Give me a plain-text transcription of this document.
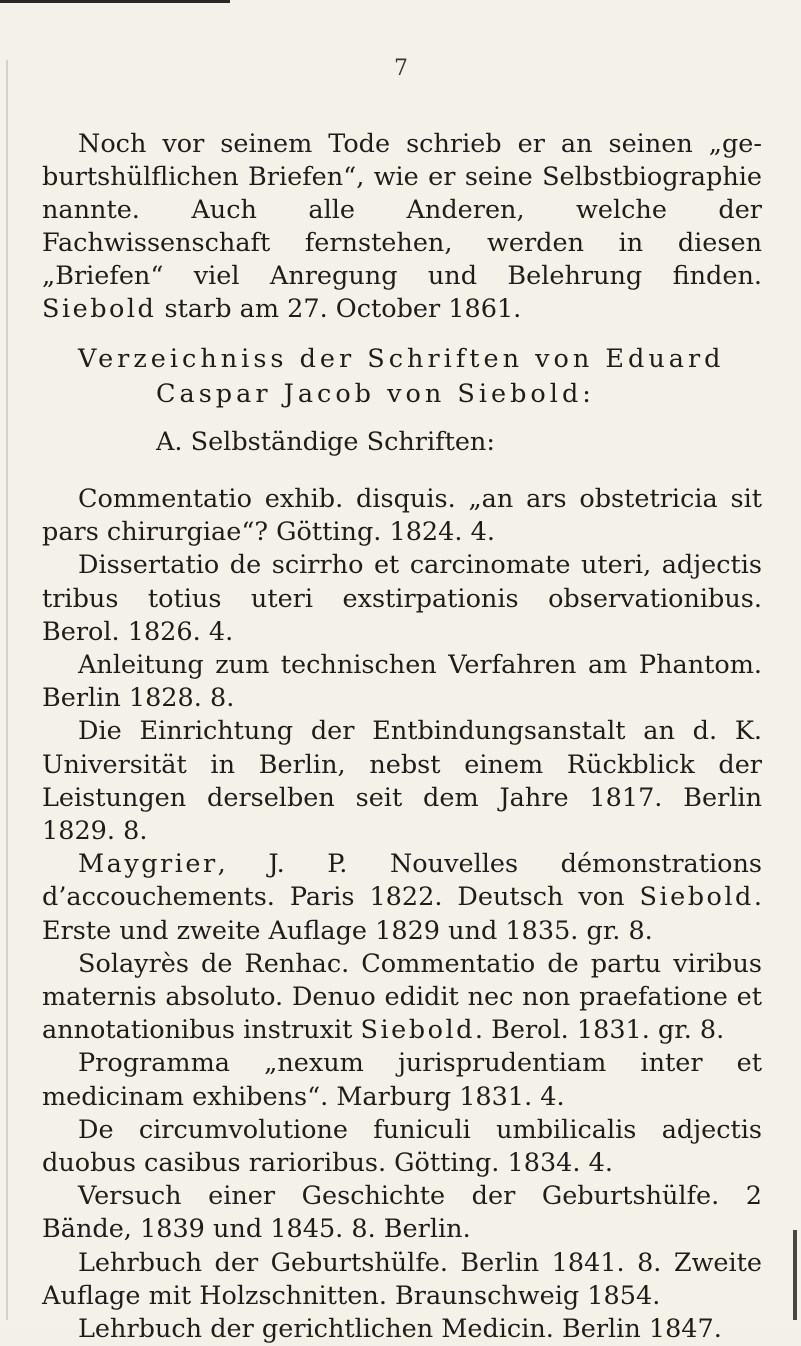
7

Noch vor seinem Tode schrieb er an seinen „ge-burtshülflichen Briefen“, wie er seine Selbstbiographie nannte. Auch alle Anderen, welche der Fachwissenschaft fernstehen, werden in diesen „Briefen“ viel Anregung und Belehrung finden. Siebold starb am 27. October 1861.

Verzeichniss der Schriften von Eduard
Caspar Jacob von Siebold:
A. Selbständige Schriften:

Commentatio exhib. disquis. „an ars obstetricia sit pars chirurgiae“? Götting. 1824. 4.

Dissertatio de scirrho et carcinomate uteri, adjectis tribus totius uteri exstirpationis observationibus. Berol. 1826. 4.

Anleitung zum technischen Verfahren am Phantom. Berlin 1828. 8.

Die Einrichtung der Entbindungsanstalt an d. K. Universität in Berlin, nebst einem Rückblick der Leistungen derselben seit dem Jahre 1817. Berlin 1829. 8.

Maygrier, J. P. Nouvelles démonstrations d’accouchements. Paris 1822. Deutsch von Siebold. Erste und zweite Auflage 1829 und 1835. gr. 8.

Solayrès de Renhac. Commentatio de partu viribus maternis absoluto. Denuo edidit nec non praefatione et annotationibus instruxit Siebold. Berol. 1831. gr. 8.

Programma „nexum jurisprudentiam inter et medicinam exhibens“. Marburg 1831. 4.

De circumvolutione funiculi umbilicalis adjectis duobus casibus rarioribus. Götting. 1834. 4.

Versuch einer Geschichte der Geburtshülfe. 2 Bände, 1839 und 1845. 8. Berlin.

Lehrbuch der Geburtshülfe. Berlin 1841. 8. Zweite Auflage mit Holzschnitten. Braunschweig 1854.

Lehrbuch der gerichtlichen Medicin. Berlin 1847.
